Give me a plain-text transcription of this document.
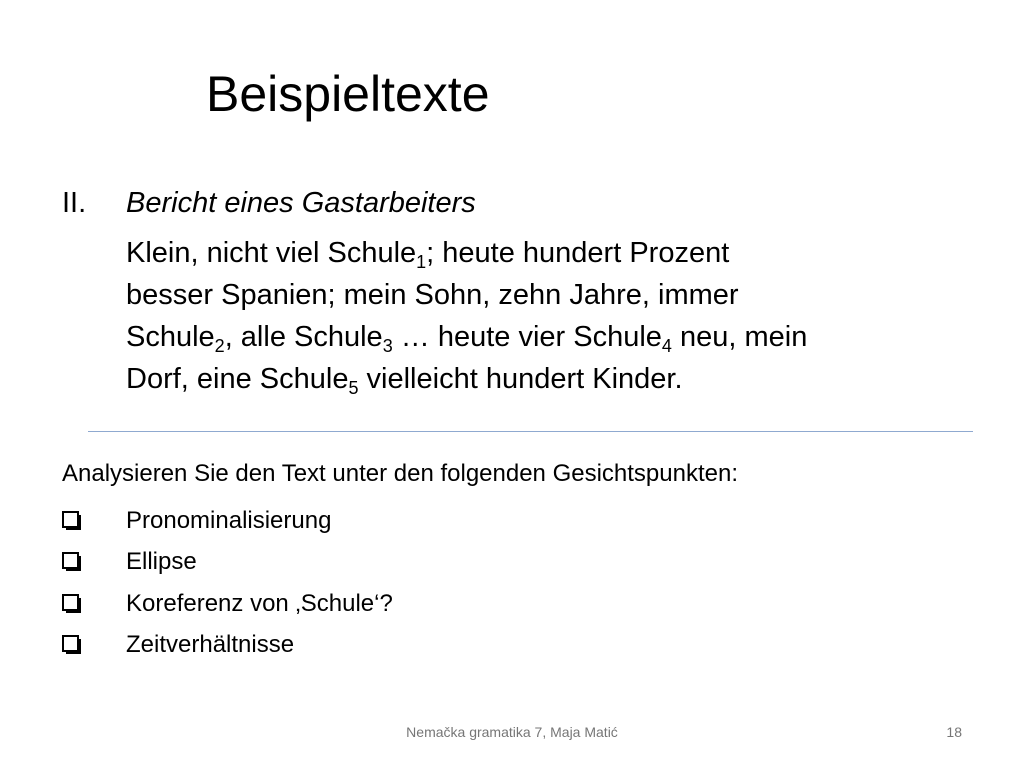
Beispieltexte
II.	Bericht eines Gastarbeiters
Klein, nicht viel Schule$_1$; heute hundert Prozent
besser Spanien; mein Sohn, zehn Jahre, immer
Schule$_2$, alle Schule$_3$ … heute vier Schule$_4$ neu, mein
Dorf, eine Schule$_5$ vielleicht hundert Kinder.
Analysieren Sie den Text unter den folgenden Gesichtspunkten:
Pronominalisierung
Ellipse
Koreferenz von ‚Schule‘?
Zeitverhältnisse
Nemačka gramatika 7, Maja Matić	18
